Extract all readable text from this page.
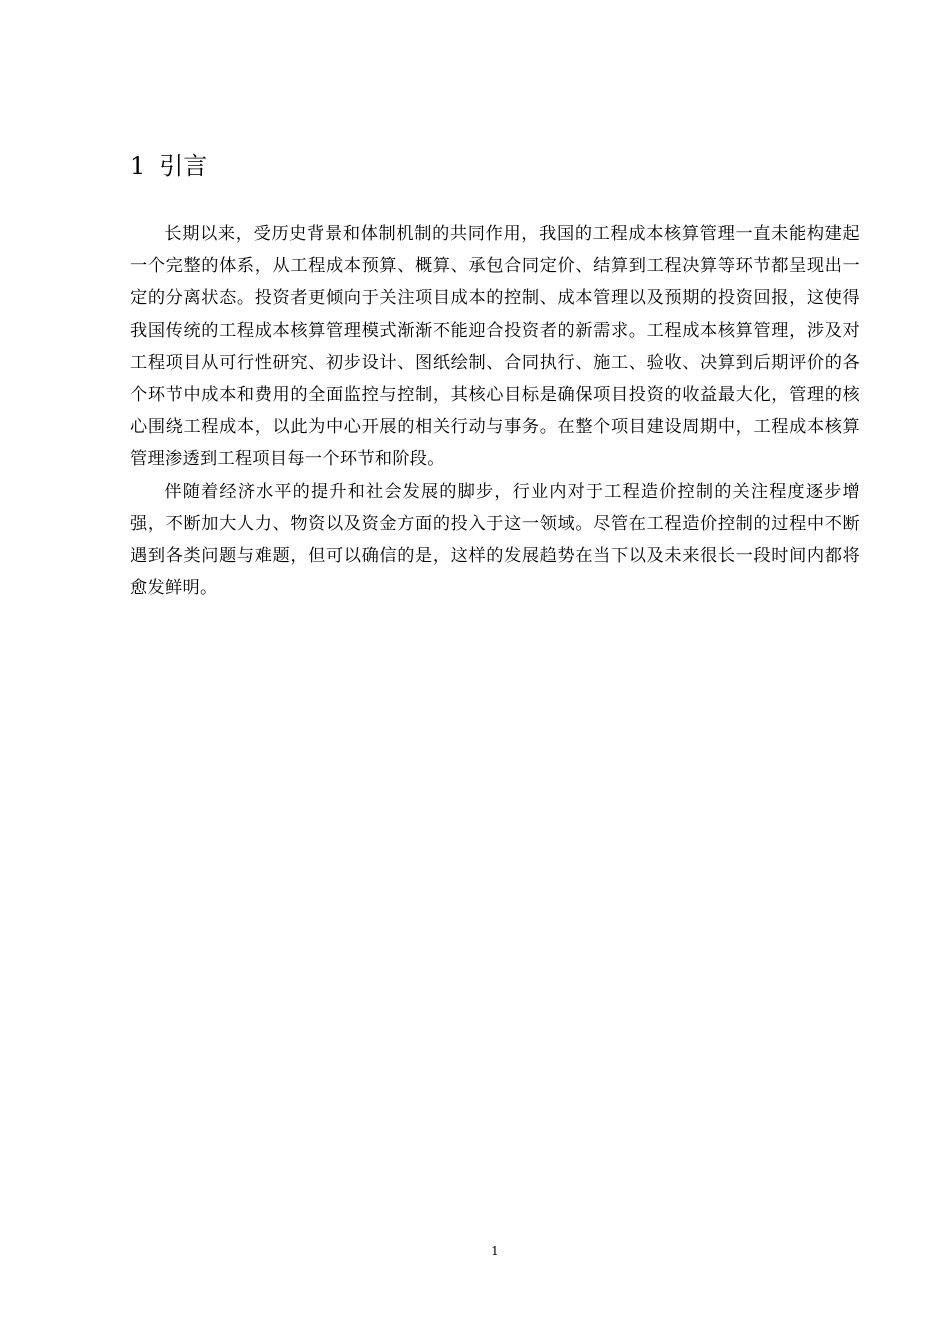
1 引言

长期以来，受历史背景和体制机制的共同作用，我国的工程成本核算管理一直未能构建起一个完整的体系，从工程成本预算、概算、承包合同定价、结算到工程决算等环节都呈现出一定的分离状态。投资者更倾向于关注项目成本的控制、成本管理以及预期的投资回报，这使得我国传统的工程成本核算管理模式渐渐不能迎合投资者的新需求。工程成本核算管理，涉及对工程项目从可行性研究、初步设计、图纸绘制、合同执行、施工、验收、决算到后期评价的各个环节中成本和费用的全面监控与控制，其核心目标是确保项目投资的收益最大化，管理的核心围绕工程成本，以此为中心开展的相关行动与事务。在整个项目建设周期中，工程成本核算管理渗透到工程项目每一个环节和阶段。

伴随着经济水平的提升和社会发展的脚步，行业内对于工程造价控制的关注程度逐步增强，不断加大人力、物资以及资金方面的投入于这一领域。尽管在工程造价控制的过程中不断遇到各类问题与难题，但可以确信的是，这样的发展趋势在当下以及未来很长一段时间内都将愈发鲜明。

1
